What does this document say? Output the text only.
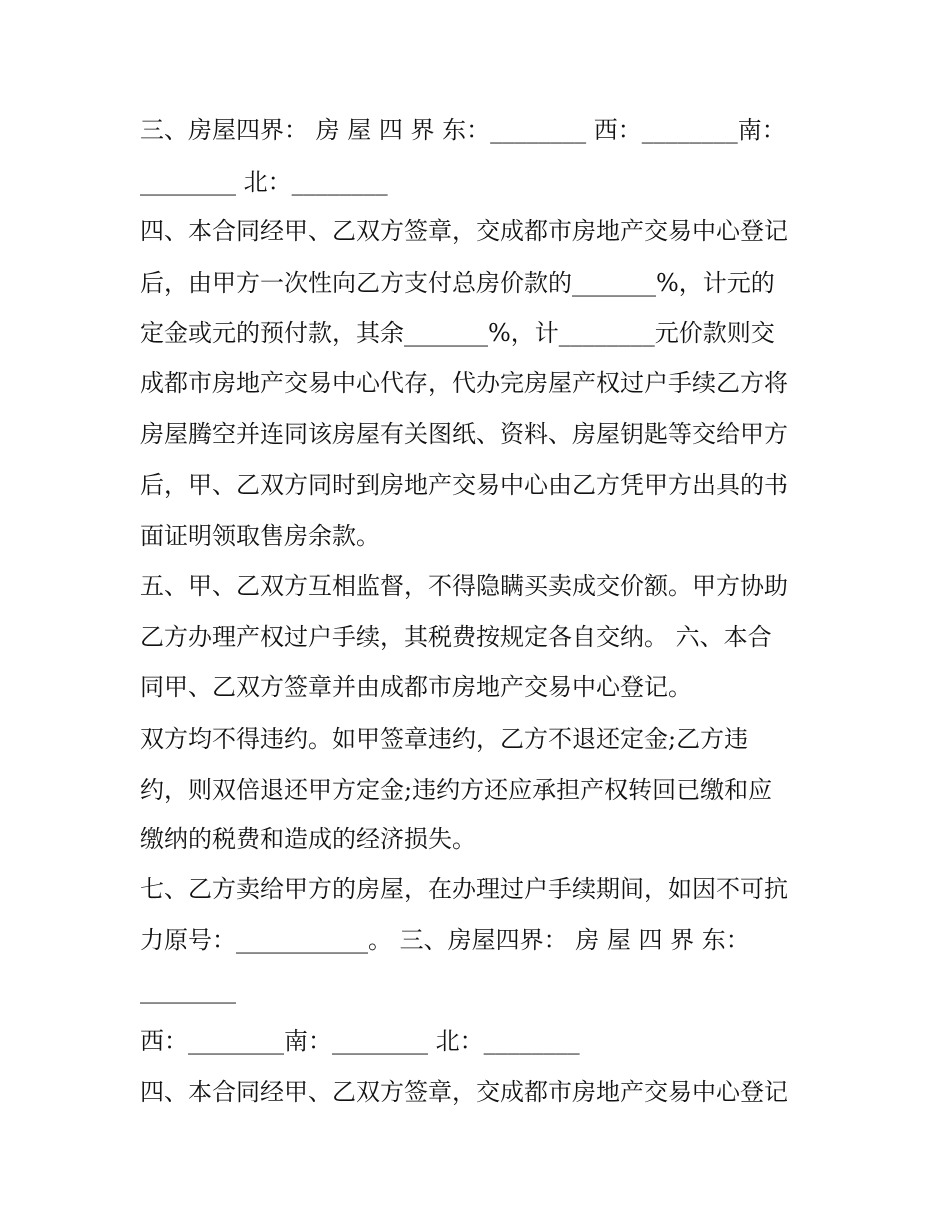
三、房屋四界： 房 屋 四 界 东：________ 西：________南：
________ 北：________
四、本合同经甲、乙双方签章，交成都市房地产交易中心登记
后，由甲方一次性向乙方支付总房价款的_______%，计元的
定金或元的预付款，其余_______%，计________元价款则交
成都市房地产交易中心代存，代办完房屋产权过户手续乙方将
房屋腾空并连同该房屋有关图纸、资料、房屋钥匙等交给甲方
后，甲、乙双方同时到房地产交易中心由乙方凭甲方出具的书
面证明领取售房余款。
五、甲、乙双方互相监督，不得隐瞒买卖成交价额。甲方协助
乙方办理产权过户手续，其税费按规定各自交纳。 六、本合
同甲、乙双方签章并由成都市房地产交易中心登记。
双方均不得违约。如甲签章违约，乙方不退还定金;乙方违
约，则双倍退还甲方定金;违约方还应承担产权转回已缴和应
缴纳的税费和造成的经济损失。
七、乙方卖给甲方的房屋，在办理过户手续期间，如因不可抗
力原号：___________。 三、房屋四界： 房 屋 四 界 东：
________
西：________南：________ 北：________
四、本合同经甲、乙双方签章，交成都市房地产交易中心登记
